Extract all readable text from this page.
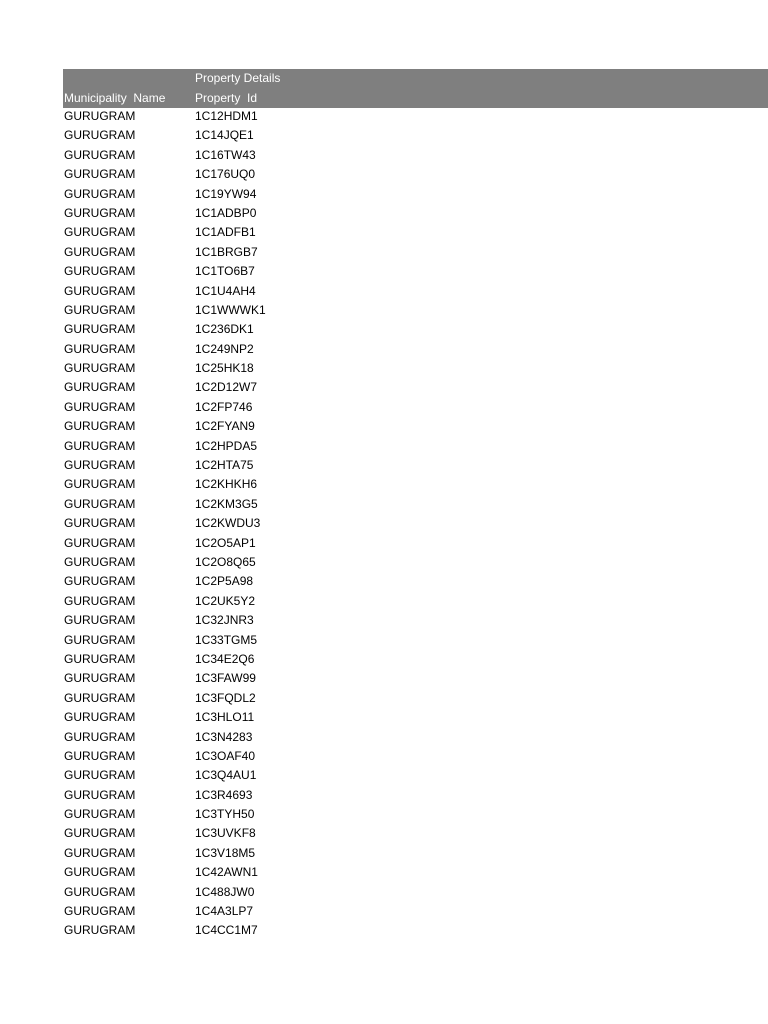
Property Details
Municipality  Name Property  Id
GURUGRAM	1C12HDM1
GURUGRAM	1C14JQE1
GURUGRAM	1C16TW43
GURUGRAM	1C176UQ0
GURUGRAM	1C19YW94
GURUGRAM	1C1ADBP0
GURUGRAM	1C1ADFB1
GURUGRAM	1C1BRGB7
GURUGRAM	1C1TO6B7
GURUGRAM	1C1U4AH4
GURUGRAM	1C1WWWK1
GURUGRAM	1C236DK1
GURUGRAM	1C249NP2
GURUGRAM	1C25HK18
GURUGRAM	1C2D12W7
GURUGRAM	1C2FP746
GURUGRAM	1C2FYAN9
GURUGRAM	1C2HPDA5
GURUGRAM	1C2HTA75
GURUGRAM	1C2KHKH6
GURUGRAM	1C2KM3G5
GURUGRAM	1C2KWDU3
GURUGRAM	1C2O5AP1
GURUGRAM	1C2O8Q65
GURUGRAM	1C2P5A98
GURUGRAM	1C2UK5Y2
GURUGRAM	1C32JNR3
GURUGRAM	1C33TGM5
GURUGRAM	1C34E2Q6
GURUGRAM	1C3FAW99
GURUGRAM	1C3FQDL2
GURUGRAM	1C3HLO11
GURUGRAM	1C3N4283
GURUGRAM	1C3OAF40
GURUGRAM	1C3Q4AU1
GURUGRAM	1C3R4693
GURUGRAM	1C3TYH50
GURUGRAM	1C3UVKF8
GURUGRAM	1C3V18M5
GURUGRAM	1C42AWN1
GURUGRAM	1C488JW0
GURUGRAM	1C4A3LP7
GURUGRAM	1C4CC1M7
